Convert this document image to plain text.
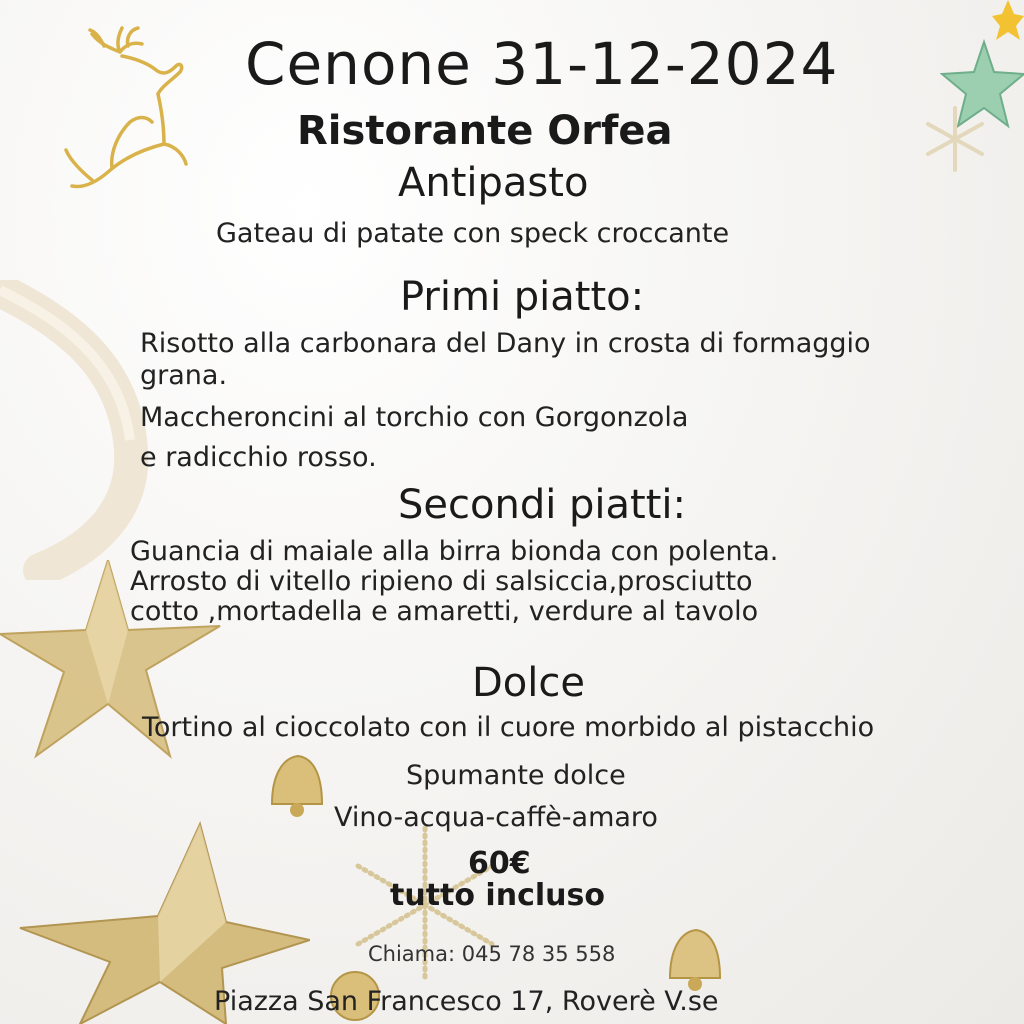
Cenone 31-12-2024
Ristorante Orfea
Antipasto
Gateau di patate con speck croccante
Primi piatto:
Risotto alla carbonara del Dany in crosta di formaggio
grana.
Maccheroncini al torchio con Gorgonzola
e radicchio rosso.
Secondi piatti:
Guancia di maiale alla birra bionda con polenta.
Arrosto di vitello ripieno di salsiccia,prosciutto
cotto ,mortadella e amaretti, verdure al tavolo
Dolce
Tortino al cioccolato con il cuore morbido al pistacchio
Spumante dolce
Vino-acqua-caffè-amaro
60€
tutto incluso
Chiama: 045 78 35 558
Piazza San Francesco 17, Roverè V.se
